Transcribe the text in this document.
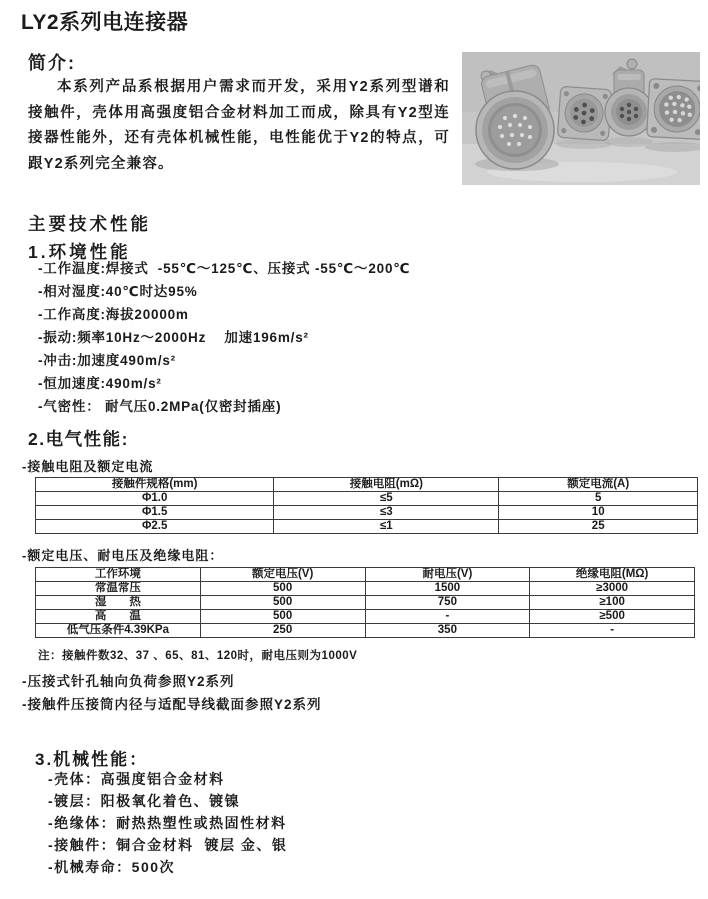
LY2系列电连接器
简介:
本系列产品系根据用户需求而开发，采用Y2系列型谱和接触件，壳体用高强度铝合金材料加工而成，除具有Y2型连接器性能外，还有壳体机械性能，电性能优于Y2的特点，可跟Y2系列完全兼容。
主要技术性能
1.环境性能
-工作温度:焊接式  -55℃～125℃、压接式 -55℃～200℃
-相对湿度:40℃时达95%
-工作高度:海拔20000m
-振动:频率10Hz～2000Hz    加速196m/s²
-冲击:加速度490m/s²
-恒加速度:490m/s²
-气密性： 耐气压0.2MPa(仅密封插座)
2.电气性能:
-接触电阻及额定电流
接触件规格(mm)	接触电阻(mΩ)	额定电流(A)
Φ1.0	≤5	5
Φ1.5	≤3	10
Φ2.5	≤1	25
-额定电压、耐电压及绝缘电阻：
工作环境	额定电压(V)	耐电压(V)	绝缘电阻(MΩ)
常温常压	500	1500	≥3000
湿　　热	500	750	≥100
高　　温	500	-	≥500
低气压条件4.39KPa	250	350	-
注：接触件数32、37 、65、81、120时，耐电压则为1000V
-压接式针孔轴向负荷参照Y2系列
-接触件压接筒内径与适配导线截面参照Y2系列
3.机械性能：
-壳体：高强度铝合金材料
-镀层：阳极氧化着色、镀镍
-绝缘体：耐热热塑性或热固性材料
-接触件：铜合金材料  镀层 金、银
-机械寿命：500次
